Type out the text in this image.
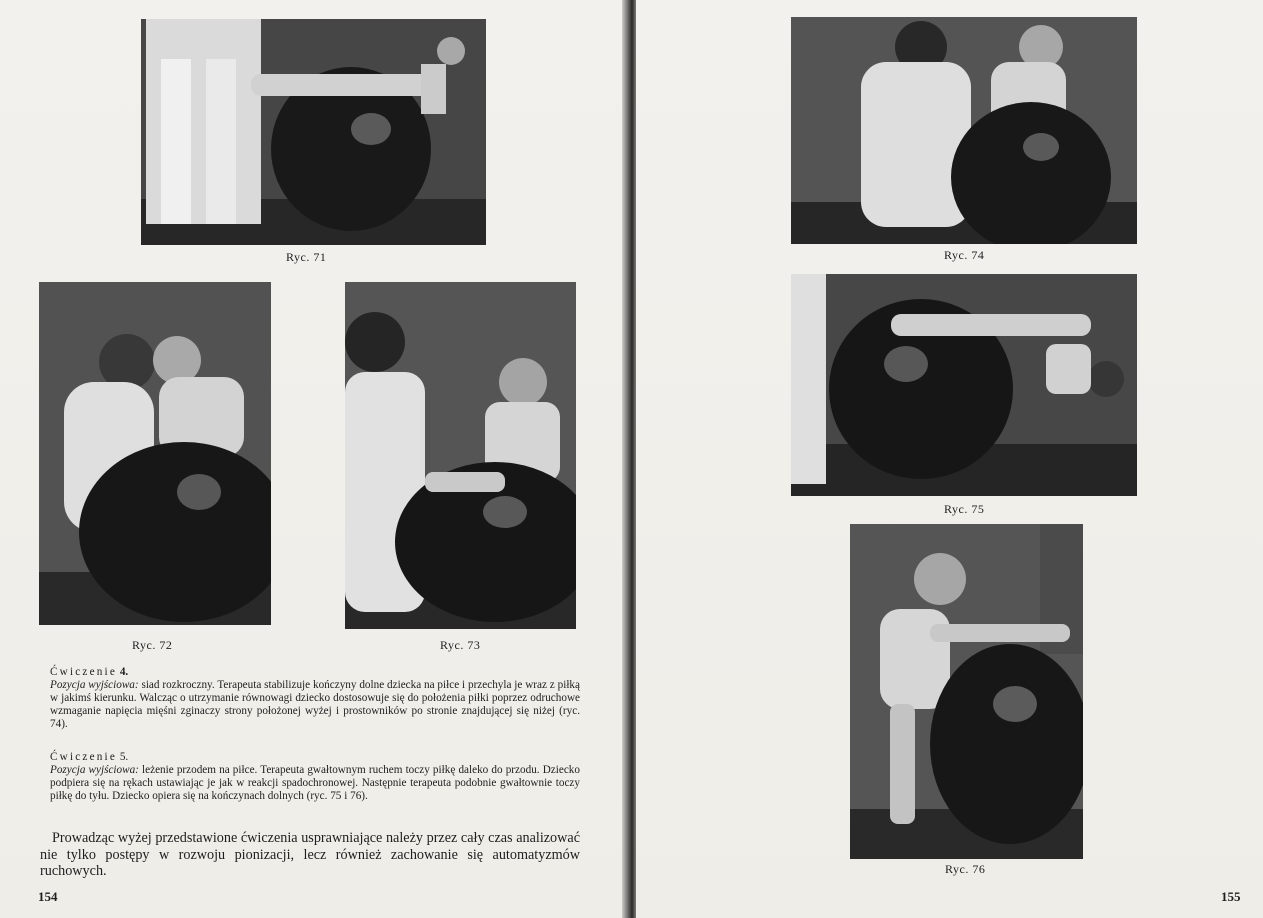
Ryc. 71
Ryc. 72	Ryc. 73

Ćwiczenie 4.

Pozycja wyjściowa: siad rozkroczny. Terapeuta stabilizuje kończyny dolne dziecka na piłce i przechyla je wraz z piłką w jakimś kierunku. Walcząc o utrzymanie równowagi dziecko dostosowuje się do położenia piłki poprzez odruchowe wzmaganie napięcia mięśni zginaczy strony położonej wyżej i prostowników po stronie znajdującej się niżej (ryc. 74).

Ćwiczenie 5.

Pozycja wyjściowa: leżenie przodem na piłce. Terapeuta gwałtownym ruchem toczy piłkę daleko do przodu. Dziecko podpiera się na rękach ustawiając je jak w reakcji spadochronowej. Następnie terapeuta podobnie gwałtownie toczy piłkę do tyłu. Dziecko opiera się na kończynach dolnych (ryc. 75 i 76).

Prowadząc wyżej przedstawione ćwiczenia usprawniające należy przez cały czas analizować nie tylko postępy w rozwoju pionizacji, lecz również zachowanie się automatyzmów ruchowych.
154
Ryc. 74
Ryc. 75
Ryc. 76
155
